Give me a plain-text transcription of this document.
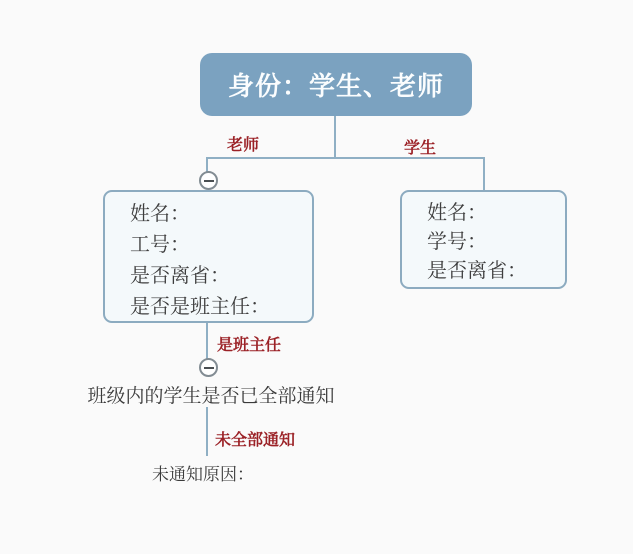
身份：学生、老师
老师	学生
是班主任
未全部通知
姓名：
工号：
是否离省：
是否是班主任：
姓名：
学号：
是否离省：
班级内的学生是否已全部通知
未通知原因：
